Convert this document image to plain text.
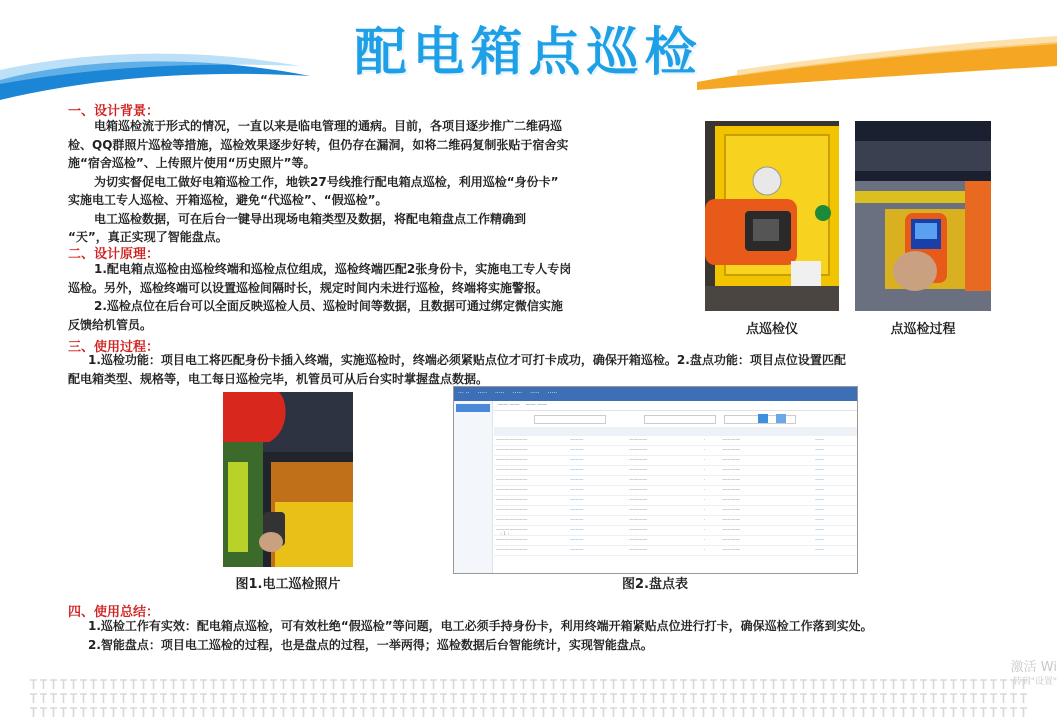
配电箱点巡检
一、设计背景：
电箱巡检流于形式的情况，一直以来是临电管理的通病。目前，各项目逐步推广二维码巡
检、QQ群照片巡检等措施，巡检效果逐步好转，但仍存在漏洞，如将二维码复制张贴于宿舍实
施“宿舍巡检”、上传照片使用“历史照片”等。
为切实督促电工做好电箱巡检工作，地铁27号线推行配电箱点巡检，利用巡检“身份卡”
实施电工专人巡检、开箱巡检，避免“代巡检”、“假巡检”。
电工巡检数据，可在后台一键导出现场电箱类型及数据，将配电箱盘点工作精确到
“天”，真正实现了智能盘点。
二、设计原理：
1.配电箱点巡检由巡检终端和巡检点位组成，巡检终端匹配2张身份卡，实施电工专人专岗
巡检。另外，巡检终端可以设置巡检间隔时长，规定时间内未进行巡检，终端将实施警报。
2.巡检点位在后台可以全面反映巡检人员、巡检时间等数据，且数据可通过绑定微信实施
反馈给机管员。
三、使用过程：
1.巡检功能：项目电工将匹配身份卡插入终端，实施巡检时，终端必须紧贴点位才可打卡成功，确保开箱巡检。2.盘点功能：项目点位设置匹配
配电箱类型、规格等，电工每日巡检完毕，机管员可从后台实时掌握盘点数据。
点巡检仪	点巡检过程
图1.电工巡检照片
··· ·· ····· ····· ····· ····· ·····
—— —— —— ——

———————	———	————	·	————		——
———————	———	————	·	————		——
———————	———	————	·	————		——
———————	———	————	·	————		——
———————	———	————	·	————		——
———————	———	————	·	————		——
———————	———	————	·	————		——
———————	———	————	·	————		——
———————	———	————	·	————		——
———————	———	————	·	————		——
———————	———	————	·	————		——
———————	———	————	·	————		——
‹ 1 ›
图2.盘点表
四、使用总结：
1.巡检工作有实效：配电箱点巡检，可有效杜绝“假巡检”等问题，电工必须手持身份卡，利用终端开箱紧贴点位进行打卡，确保巡检工作落到实处。
2.智能盘点：项目电工巡检的过程，也是盘点的过程，一举两得；巡检数据后台智能统计，实现智能盘点。
激活 Wi
转到"设置"
